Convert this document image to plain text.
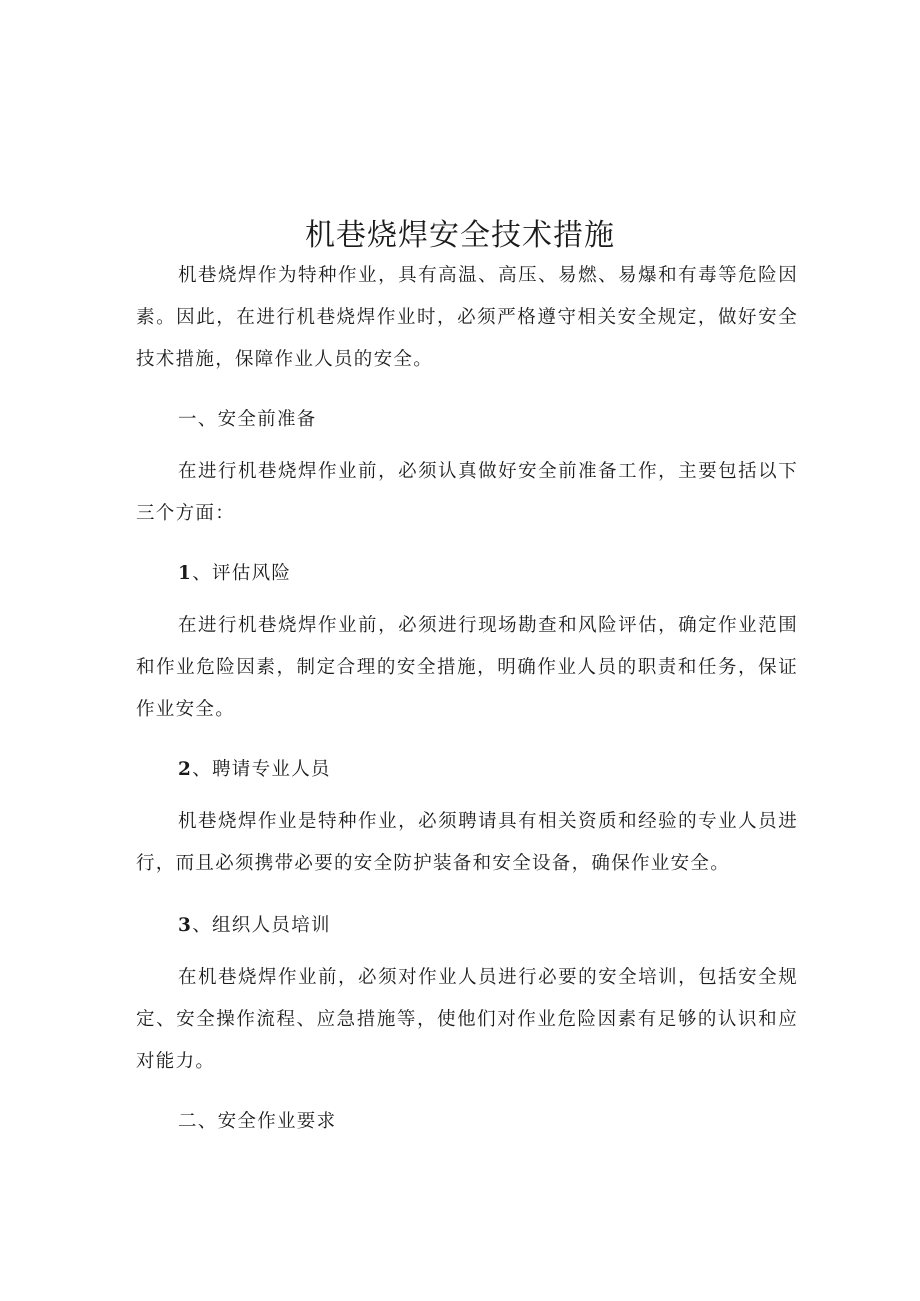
机巷烧焊安全技术措施

机巷烧焊作为特种作业，具有高温、高压、易燃、易爆和有毒等危险因素。因此，在进行机巷烧焊作业时，必须严格遵守相关安全规定，做好安全技术措施，保障作业人员的安全。

一、安全前准备

在进行机巷烧焊作业前，必须认真做好安全前准备工作，主要包括以下三个方面：

1、评估风险

在进行机巷烧焊作业前，必须进行现场勘查和风险评估，确定作业范围和作业危险因素，制定合理的安全措施，明确作业人员的职责和任务，保证作业安全。

2、聘请专业人员

机巷烧焊作业是特种作业，必须聘请具有相关资质和经验的专业人员进行，而且必须携带必要的安全防护装备和安全设备，确保作业安全。

3、组织人员培训

在机巷烧焊作业前，必须对作业人员进行必要的安全培训，包括安全规定、安全操作流程、应急措施等，使他们对作业危险因素有足够的认识和应对能力。

二、安全作业要求
